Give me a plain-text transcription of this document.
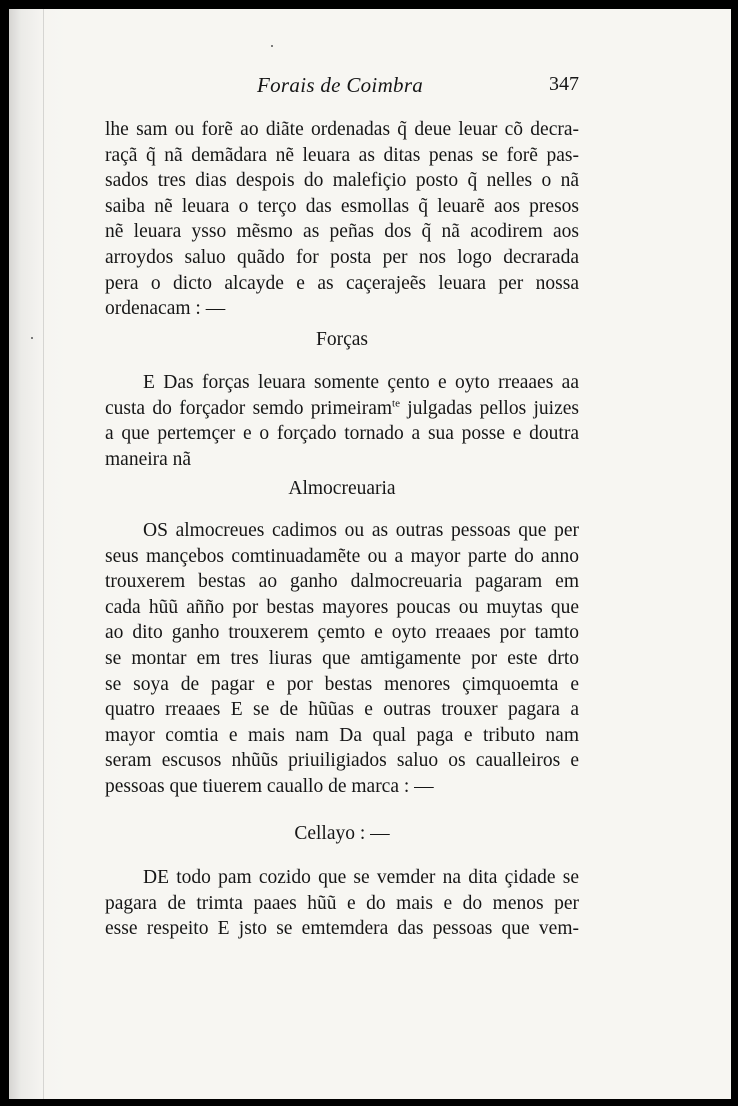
Forais de Coimbra	347

lhe sam ou forẽ ao diãte ordenadas q̃ deue leuar cõ decra-
raçã q̃ nã demãdara nẽ leuara as ditas penas se forẽ pas-
sados tres dias despois do malefiçio posto q̃ nelles o nã
saiba nẽ leuara o terço das esmollas q̃ leuarẽ aos presos
nẽ leuara ysso mẽsmo as peñas dos q̃ nã acodirem aos
arroydos saluo quãdo for posta per nos logo decrarada
pera o dicto alcayde e as caçerajeẽs leuara per nossa
ordenacam : —

Forças

E Das forças leuara somente çento e oyto rreaaes aa
custa do forçador semdo primeiram$^{te}$ julgadas pellos juizes
a que pertemçer e o forçado tornado a sua posse e doutra
maneira nã

Almocreuaria

OS almocreues cadimos ou as outras pessoas que per
seus mançebos comtinuadamẽte ou a mayor parte do anno
trouxerem bestas ao ganho dalmocreuaria pagaram em
cada hũũ aññо por bestas mayores poucas ou muytas que
ao dito ganho trouxerem çemto e oyto rreaaes por tamto
se montar em tres liuras que amtigamente por este drto
se soya de pagar e por bestas menores çimquoemta e
quatro rreaaes E se de hũũas e outras trouxer pagara a
mayor comtia e mais nam Da qual paga e tributo nam
seram escusos nhũũs priuiligiados saluo os caualleiros e
pessoas que tiuerem cauallo de marca : —

Cellayo : —

DE todo pam cozido que se vemder na dita çidade se
pagara de trimta paaes hũũ e do mais e do menos per
esse respeito E jsto se emtemdera das pessoas que vem-
